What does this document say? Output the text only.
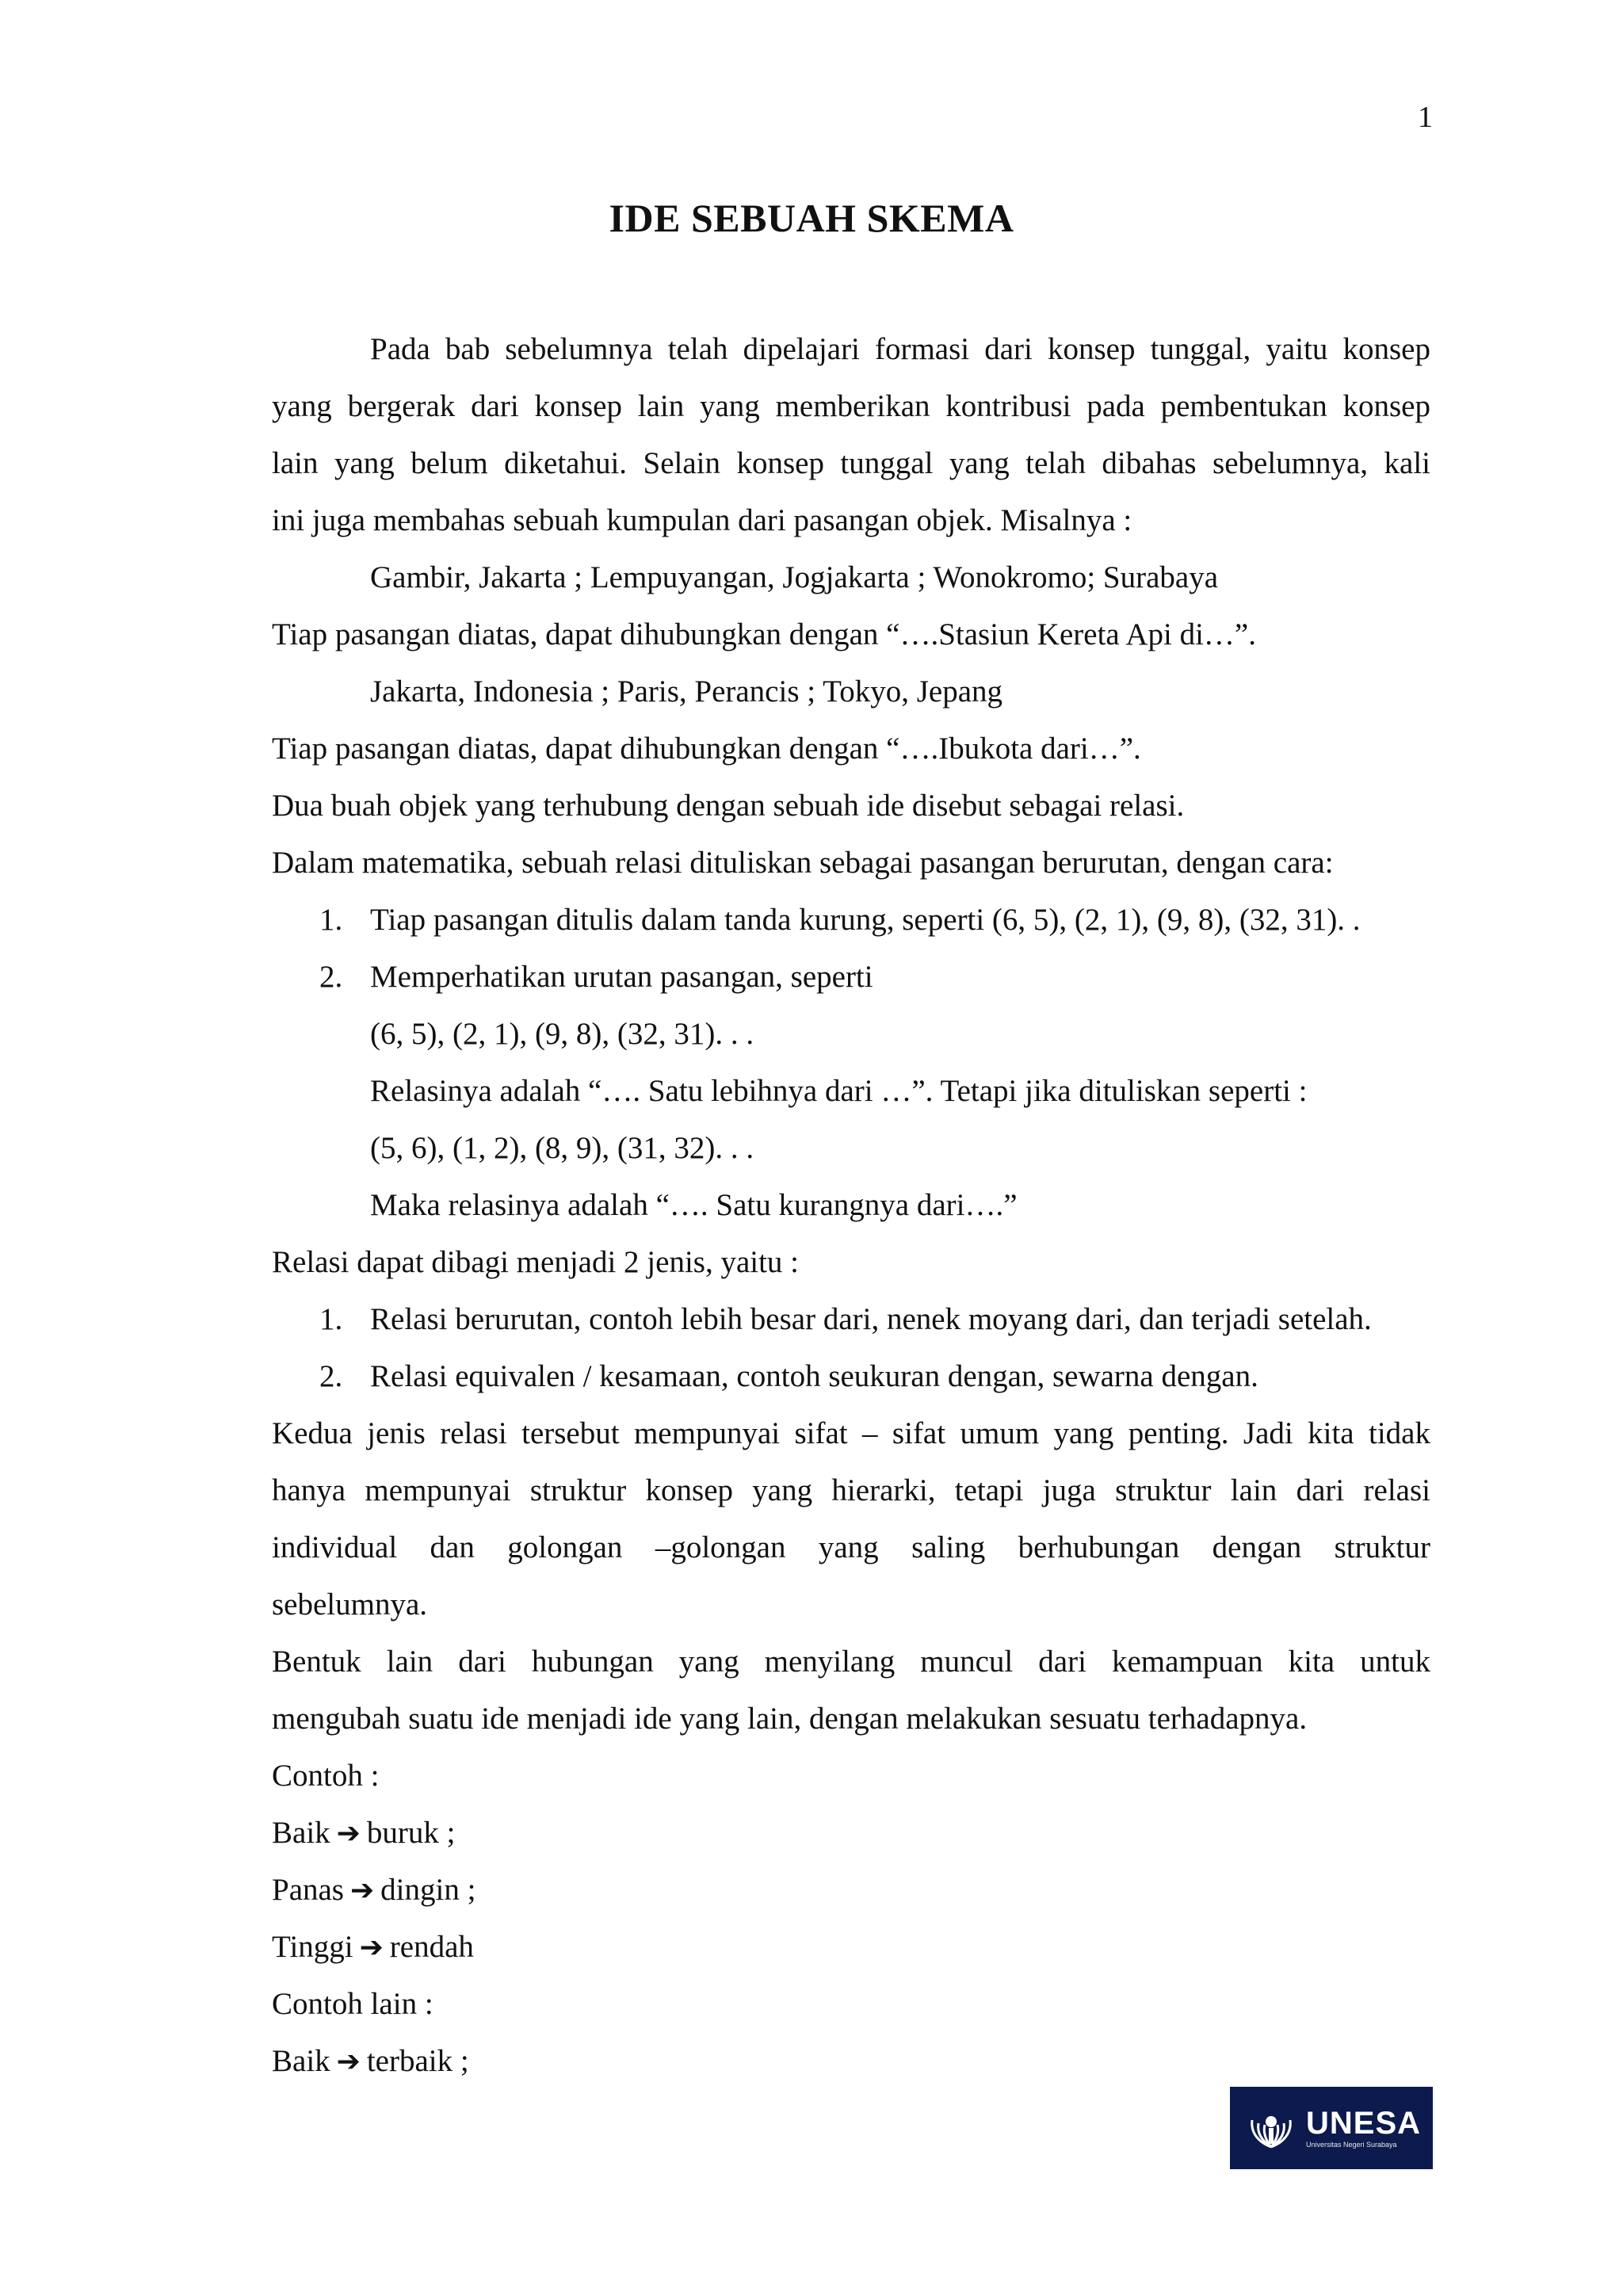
1
IDE SEBUAH SKEMA
Pada bab sebelumnya telah dipelajari formasi dari konsep tunggal, yaitu konsep
yang bergerak dari konsep lain yang memberikan kontribusi pada pembentukan konsep
lain yang belum diketahui. Selain konsep tunggal yang telah dibahas sebelumnya, kali
ini juga membahas sebuah kumpulan dari pasangan objek. Misalnya :
Gambir, Jakarta ; Lempuyangan, Jogjakarta ; Wonokromo; Surabaya
Tiap pasangan diatas, dapat dihubungkan dengan “….Stasiun Kereta Api di…”.
Jakarta, Indonesia ; Paris, Perancis ; Tokyo, Jepang
Tiap pasangan diatas, dapat dihubungkan dengan “….Ibukota dari…”.
Dua buah objek yang terhubung dengan sebuah ide disebut sebagai relasi.
Dalam matematika, sebuah relasi dituliskan sebagai pasangan berurutan, dengan cara:
1. Tiap pasangan ditulis dalam tanda kurung, seperti (6, 5), (2, 1), (9, 8), (32, 31). .
2. Memperhatikan urutan pasangan, seperti
(6, 5), (2, 1), (9, 8), (32, 31). . .
Relasinya adalah “…. Satu lebihnya dari …”. Tetapi jika dituliskan seperti :
(5, 6), (1, 2), (8, 9), (31, 32). . .
Maka relasinya adalah “…. Satu kurangnya dari….”
Relasi dapat dibagi menjadi 2 jenis, yaitu :
1. Relasi berurutan, contoh lebih besar dari, nenek moyang dari, dan terjadi setelah.
2. Relasi equivalen / kesamaan, contoh seukuran dengan, sewarna dengan.
Kedua jenis relasi tersebut mempunyai sifat – sifat umum yang penting. Jadi kita tidak
hanya mempunyai struktur konsep yang hierarki, tetapi juga struktur lain dari relasi
individual dan golongan –golongan yang saling berhubungan dengan struktur
sebelumnya.
Bentuk lain dari hubungan yang menyilang muncul dari kemampuan kita untuk
mengubah suatu ide menjadi ide yang lain, dengan melakukan sesuatu terhadapnya.
Contoh :
Baik ➔ buruk ;
Panas ➔ dingin ;
Tinggi ➔ rendah
Contoh lain :
Baik ➔ terbaik ;
UNESA
Universitas Negeri Surabaya
